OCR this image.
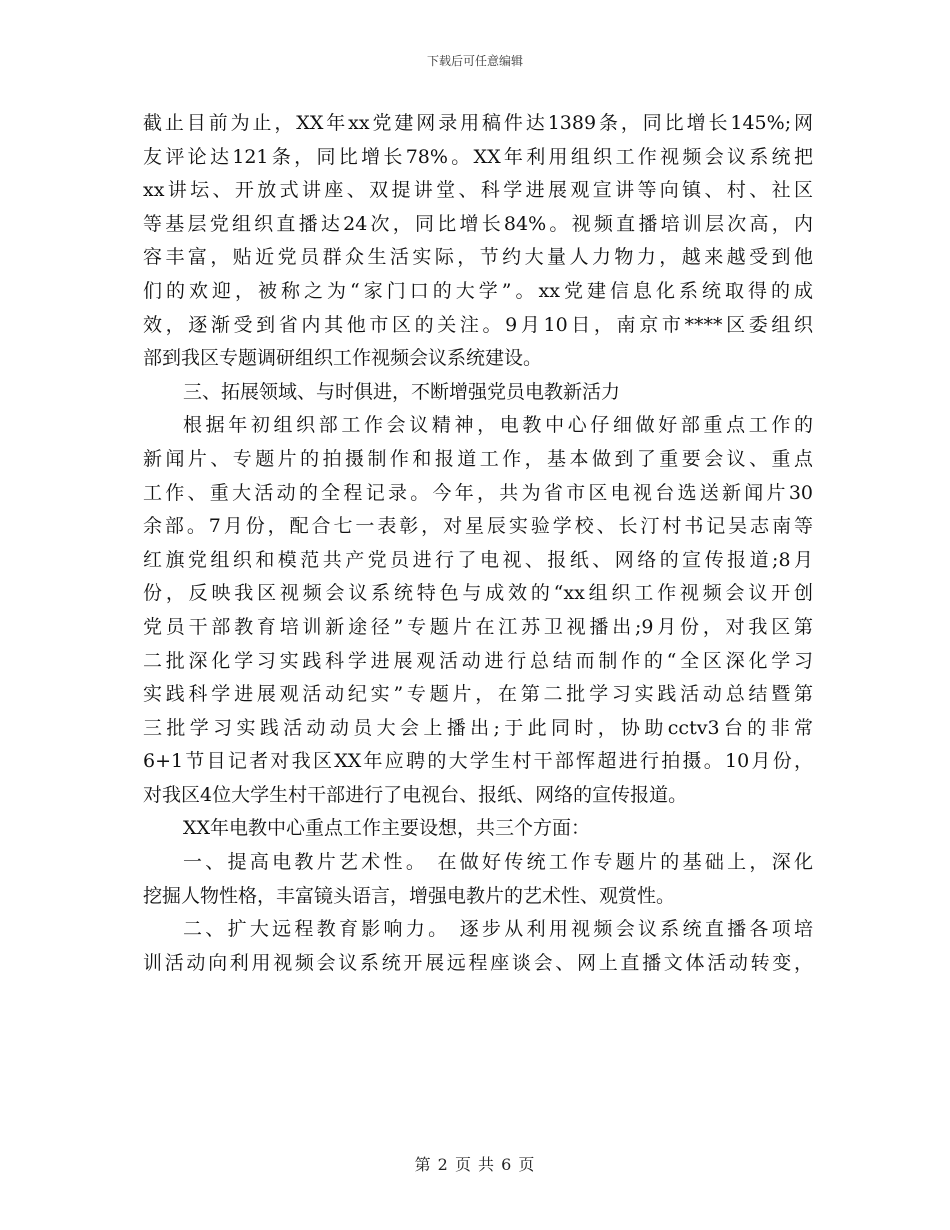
下载后可任意编辑
截止目前为止，XX年xx党建网录用稿件达1389条，同比增长145%;网
友评论达121条，同比增长78%。XX年利用组织工作视频会议系统把
xx讲坛、开放式讲座、双提讲堂、科学进展观宣讲等向镇、村、社区
等基层党组织直播达24次，同比增长84%。视频直播培训层次高，内
容丰富，贴近党员群众生活实际，节约大量人力物力，越来越受到他
们的欢迎，被称之为“家门口的大学”。xx党建信息化系统取得的成
效，逐渐受到省内其他市区的关注。9月10日，南京市****区委组织
部到我区专题调研组织工作视频会议系统建设。
三、拓展领域、与时俱进，不断增强党员电教新活力
根据年初组织部工作会议精神，电教中心仔细做好部重点工作的
新闻片、专题片的拍摄制作和报道工作，基本做到了重要会议、重点
工作、重大活动的全程记录。今年，共为省市区电视台选送新闻片30
余部。7月份，配合七一表彰，对星辰实验学校、长汀村书记吴志南等
红旗党组织和模范共产党员进行了电视、报纸、网络的宣传报道;8月
份，反映我区视频会议系统特色与成效的“xx组织工作视频会议开创
党员干部教育培训新途径”专题片在江苏卫视播出;9月份，对我区第
二批深化学习实践科学进展观活动进行总结而制作的“全区深化学习
实践科学进展观活动纪实”专题片，在第二批学习实践活动总结暨第
三批学习实践活动动员大会上播出;于此同时，协助cctv3台的非常
6+1节目记者对我区XX年应聘的大学生村干部恽超进行拍摄。10月份，
对我区4位大学生村干部进行了电视台、报纸、网络的宣传报道。
XX年电教中心重点工作主要设想，共三个方面：
一、提高电教片艺术性。 在做好传统工作专题片的基础上，深化
挖掘人物性格，丰富镜头语言，增强电教片的艺术性、观赏性。
二、扩大远程教育影响力。 逐步从利用视频会议系统直播各项培
训活动向利用视频会议系统开展远程座谈会、网上直播文体活动转变，
第 2 页 共 6 页
